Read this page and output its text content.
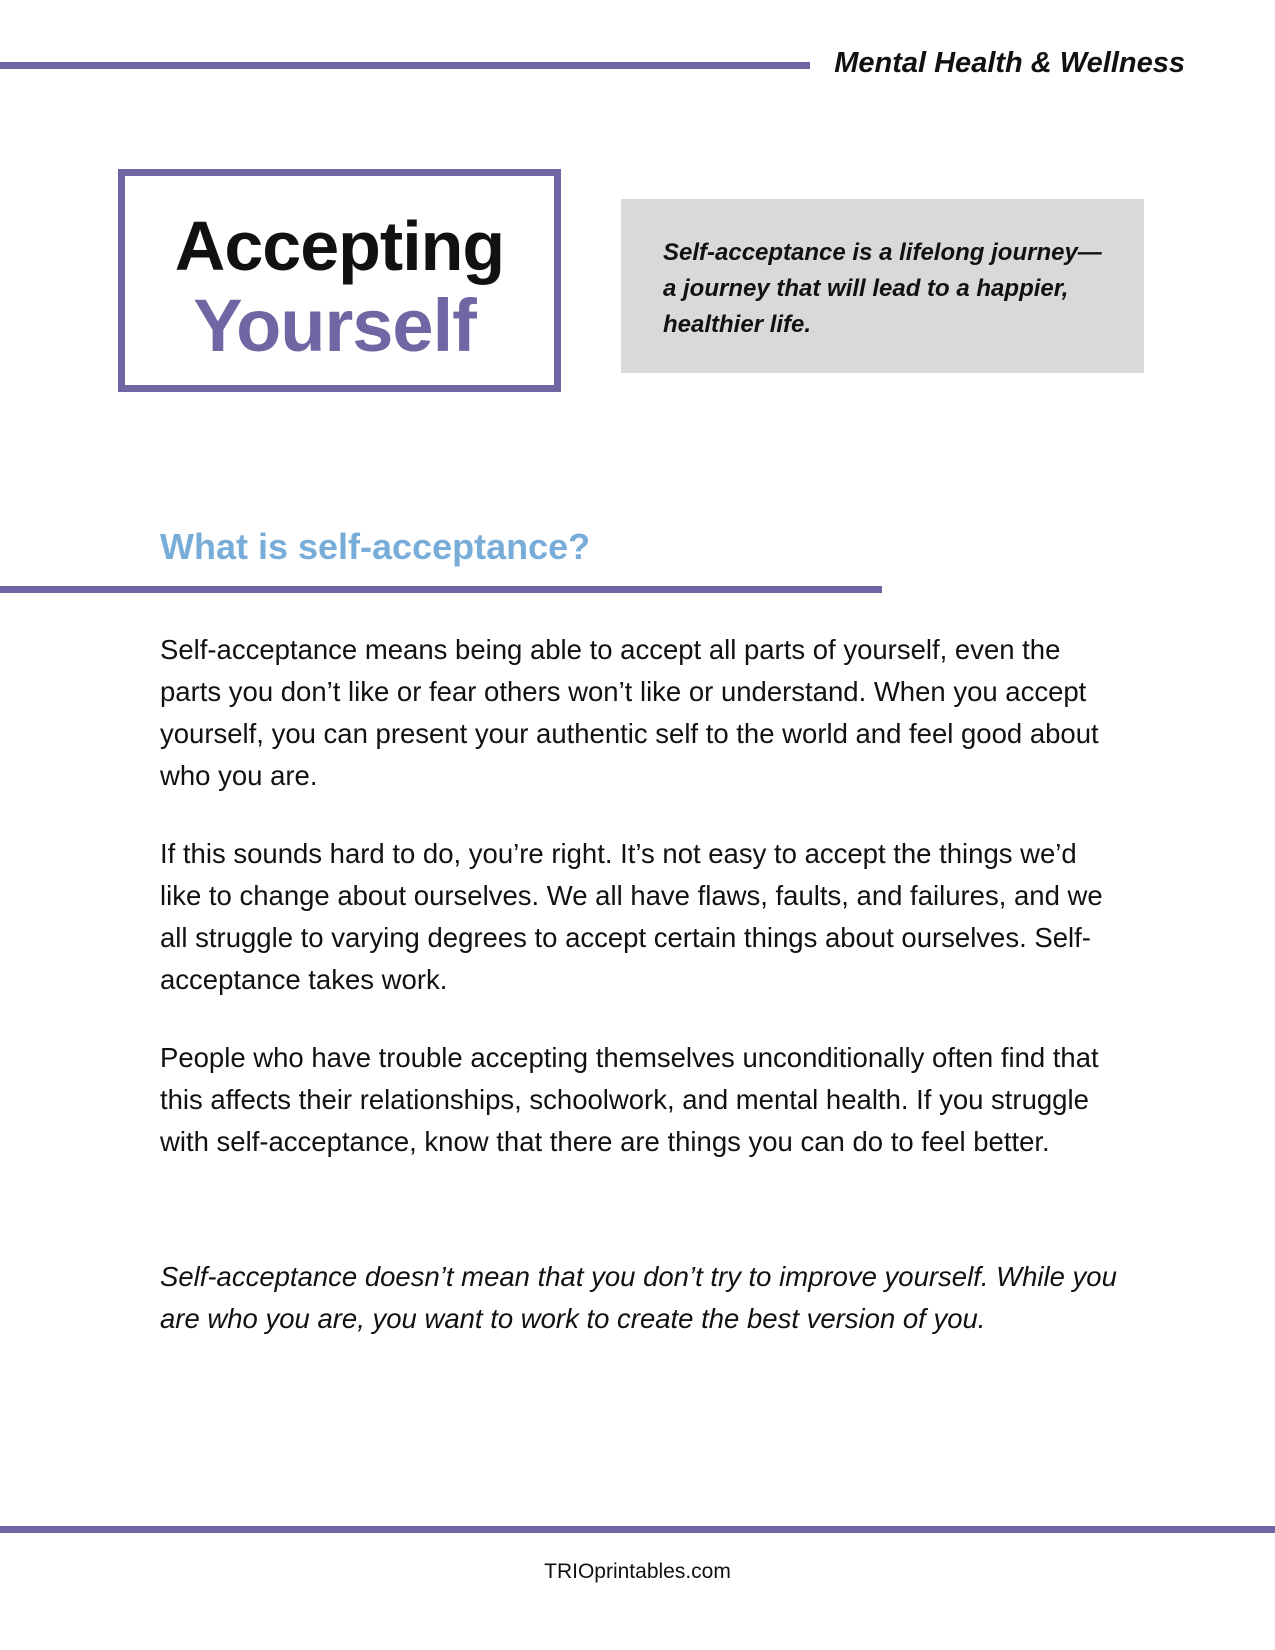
Mental Health & Wellness
Accepting
Yourself

Self-acceptance is a lifelong journey—a journey that will lead to a happier, healthier life.

What is self-acceptance?

Self-acceptance means being able to accept all parts of yourself, even the parts you don’t like or fear others won’t like or understand. When you accept yourself, you can present your authentic self to the world and feel good about who you are.

If this sounds hard to do, you’re right. It’s not easy to accept the things we’d like to change about ourselves. We all have flaws, faults, and failures, and we all struggle to varying degrees to accept certain things about ourselves. Self-acceptance takes work.

People who have trouble accepting themselves unconditionally often find that this affects their relationships, schoolwork, and mental health. If you struggle with self-acceptance, know that there are things you can do to feel better.

Self-acceptance doesn’t mean that you don’t try to improve yourself. While you are who you are, you want to work to create the best version of you.

TRIOprintables.com
